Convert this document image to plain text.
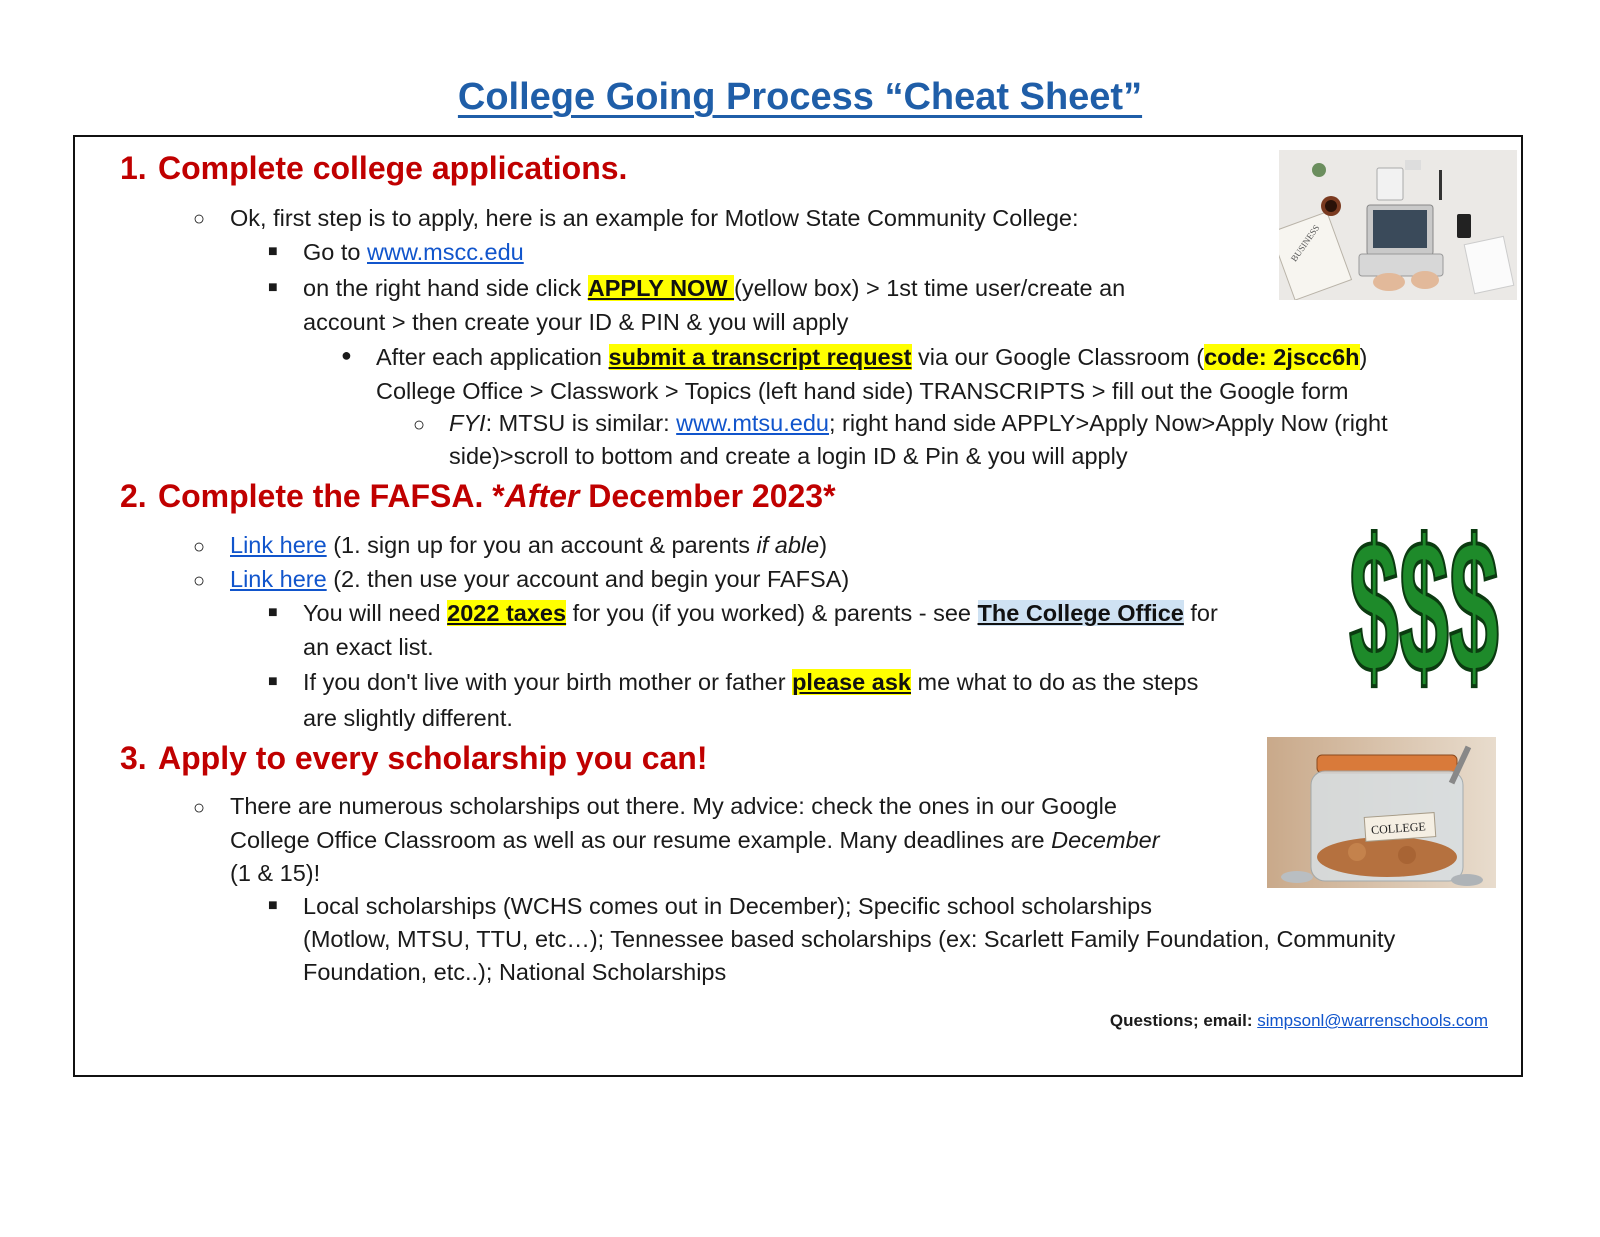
College Going Process “Cheat Sheet”
1. Complete college applications.
○ Ok, first step is to apply, here is an example for Motlow State Community College:
■ Go to www.mscc.edu
■ on the right hand side click APPLY NOW (yellow box) > 1st time user/create an
account > then create your ID & PIN & you will apply
● After each application submit a transcript request via our Google Classroom (code: 2jscc6h)
College Office > Classwork > Topics (left hand side) TRANSCRIPTS > fill out the Google form
○ FYI: MTSU is similar: www.mtsu.edu; right hand side APPLY>Apply Now>Apply Now (right
side)>scroll to bottom and create a login ID & Pin & you will apply
BUSINESS
2. Complete the FAFSA. *After December 2023*
○ Link here (1. sign up for you an account & parents if able)
○ Link here (2. then use your account and begin your FAFSA)
■ You will need 2022 taxes for you (if you worked) & parents - see The College Office for
an exact list.
■ If you don't live with your birth mother or father please ask me what to do as the steps
are slightly different.
$$$
3. Apply to every scholarship you can!
○ There are numerous scholarships out there. My advice: check the ones in our Google
College Office Classroom as well as our resume example. Many deadlines are December
(1 & 15)!
■ Local scholarships (WCHS comes out in December); Specific school scholarships
(Motlow, MTSU, TTU, etc…); Tennessee based scholarships (ex: Scarlett Family Foundation, Community
Foundation, etc..); National Scholarships
COLLEGE
Questions; email: simpsonl@warrenschools.com
